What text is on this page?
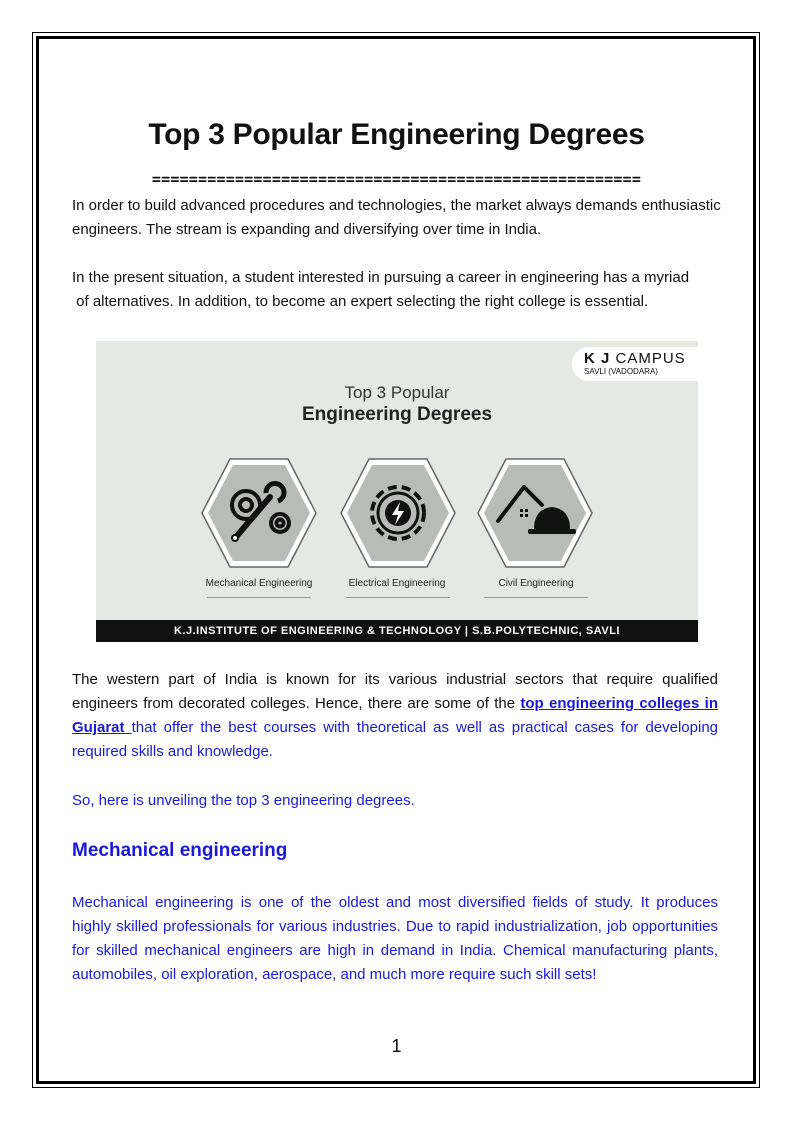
Top 3 Popular Engineering Degrees
=====================================================
In order to build advanced procedures and technologies, the market always demands enthusiastic engineers. The stream is expanding and diversifying over time in India.
In the present situation, a student interested in pursuing a career in engineering has a myriad
of alternatives. In addition, to become an expert selecting the right college is essential.
K J CAMPUS
SAVLI (VADODARA)
Top 3 Popular
Engineering Degrees
Mechanical Engineering	Electrical Engineering	Civil Engineering
K.J.INSTITUTE OF ENGINEERING & TECHNOLOGY | S.B.POLYTECHNIC, SAVLI
The western part of India is known for its various industrial sectors that require qualified engineers from decorated colleges. Hence, there are some of the top engineering colleges in Gujarat that offer the best courses with theoretical as well as practical cases for developing required skills and knowledge.
So, here is unveiling the top 3 engineering degrees.
Mechanical engineering
Mechanical engineering is one of the oldest and most diversified fields of study. It produces highly skilled professionals for various industries. Due to rapid industrialization, job opportunities for skilled mechanical engineers are high in demand in India. Chemical manufacturing plants, automobiles, oil exploration, aerospace, and much more require such skill sets!
1
